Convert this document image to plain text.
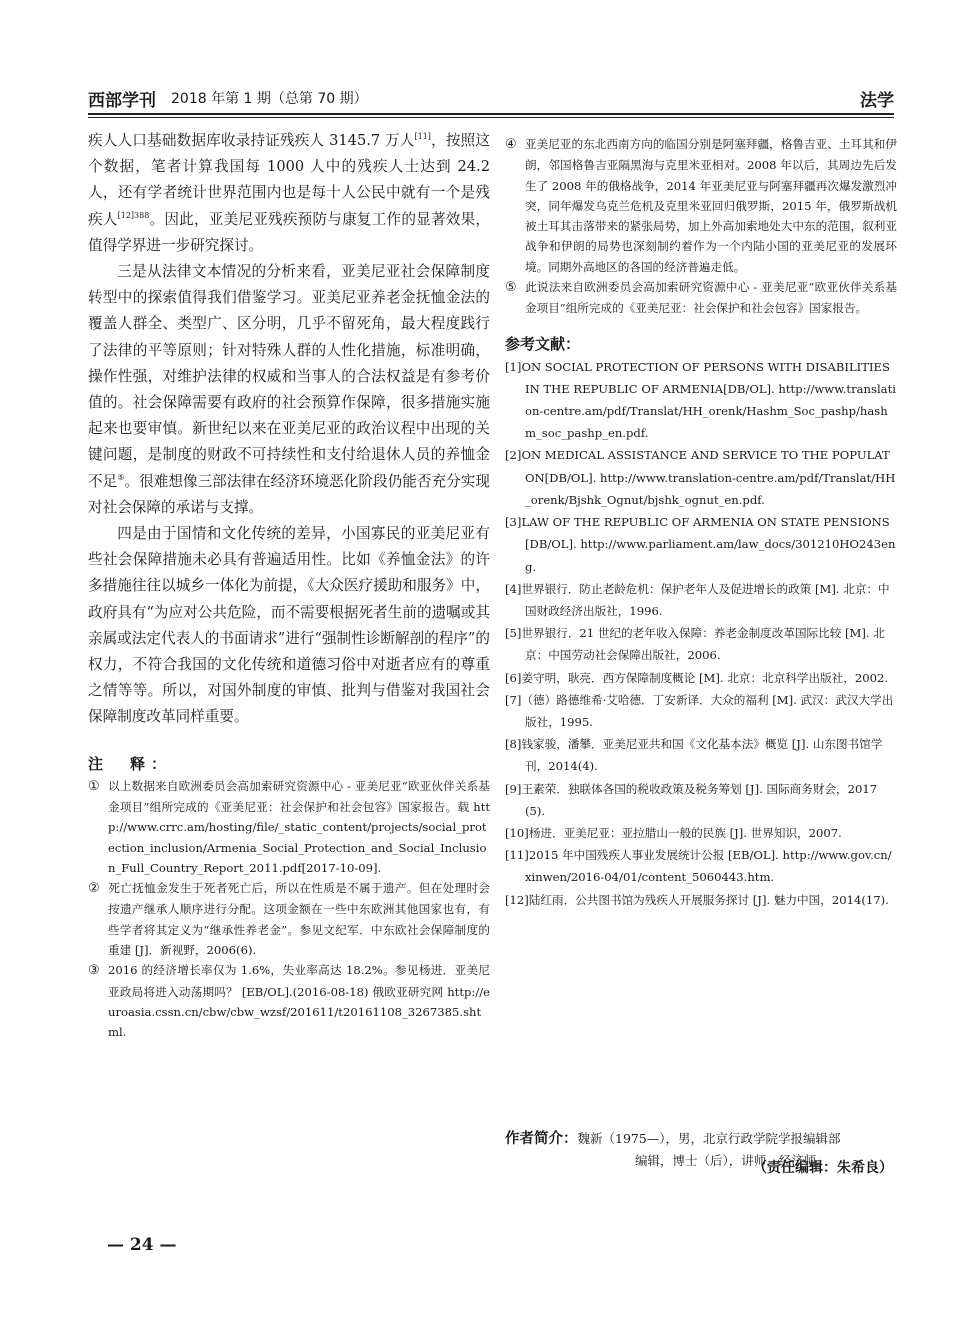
西部学刊 2018 年第 1 期（总第 70 期）	法学

疾人人口基础数据库收录持证残疾人 3145.7 万人[11]，按照这个数据，笔者计算我国每 1000 人中的残疾人士达到 24.2 人，还有学者统计世界范围内也是每十人公民中就有一个是残疾人$^{[12]388}$。因此，亚美尼亚残疾预防与康复工作的显著效果，值得学界进一步研究探讨。

三是从法律文本情况的分析来看，亚美尼亚社会保障制度转型中的探索值得我们借鉴学习。亚美尼亚养老金抚恤金法的覆盖人群全、类型广、区分明，几乎不留死角，最大程度践行了法律的平等原则；针对特殊人群的人性化措施，标准明确，操作性强，对维护法律的权威和当事人的合法权益是有参考价值的。社会保障需要有政府的社会预算作保障，很多措施实施起来也要审慎。新世纪以来在亚美尼亚的政治议程中出现的关键问题，是制度的财政不可持续性和支付给退休人员的养恤金不足⑤。很难想像三部法律在经济环境恶化阶段仍能否充分实现对社会保障的承诺与支撑。

四是由于国情和文化传统的差异，小国寡民的亚美尼亚有些社会保障措施未必具有普遍适用性。比如《养恤金法》的许多措施往往以城乡一体化为前提，《大众医疗援助和服务》中，政府具有“为应对公共危险，而不需要根据死者生前的遗嘱或其亲属或法定代表人的书面请求”进行“强制性诊断解剖的程序”的权力，不符合我国的文化传统和道德习俗中对逝者应有的尊重之情等等。所以，对国外制度的审慎、批判与借鉴对我国社会保障制度改革同样重要。

注　释：

① 以上数据来自欧洲委员会高加索研究资源中心 - 亚美尼亚“欧亚伙伴关系基金项目”组所完成的《亚美尼亚：社会保护和社会包容》国家报告。载 http://www.crrc.am/hosting/file/_static_content/projects/social_protection_inclusion/Armenia_Social_Protection_and_Social_Inclusion_Full_Country_Report_2011.pdf[2017-10-09].

② 死亡抚恤金发生于死者死亡后，所以在性质是不属于遗产。但在处理时会按遗产继承人顺序进行分配。这项金额在一些中东欧洲其他国家也有，有些学者将其定义为“继承性养老金”。参见文纪军．中东欧社会保障制度的重建 [J]．新视野，2006(6).

③ 2016 的经济增长率仅为 1.6%，失业率高达 18.2%。参见杨进．亚美尼亚政局将进入动荡期吗？ [EB/OL].(2016-08-18) 俄欧亚研究网 http://euroasia.cssn.cn/cbw/cbw_wzsf/201611/t20161108_3267385.shtml.

④ 亚美尼亚的东北西南方向的临国分别是阿塞拜疆，格鲁吉亚、土耳其和伊朗，邻国格鲁吉亚隔黑海与克里米亚相对。2008 年以后，其周边先后发生了 2008 年的俄格战争，2014 年亚美尼亚与阿塞拜疆再次爆发激烈冲突，同年爆发乌克兰危机及克里米亚回归俄罗斯，2015 年，俄罗斯战机被土耳其击落带来的紧张局势，加上外高加索地处大中东的范围，叙利亚战争和伊朗的局势也深刻制约着作为一个内陆小国的亚美尼亚的发展环境。同期外高地区的各国的经济普遍走低。

⑤ 此说法来自欧洲委员会高加索研究资源中心 - 亚美尼亚“欧亚伙伴关系基金项目”组所完成的《亚美尼亚：社会保护和社会包容》国家报告。

参考文献：

[1]ON SOCIAL PROTECTION OF PERSONS WITH DISABILITIES IN THE REPUBLIC OF ARMENIA[DB/OL]. http://www.translation-centre.am/pdf/Translat/HH_orenk/Hashm_Soc_pashp/hashm_soc_pashp_en.pdf.

[2]ON MEDICAL ASSISTANCE AND SERVICE TO THE POPULATON[DB/OL]. http://www.translation-centre.am/pdf/Translat/HH_orenk/Bjshk_Ognut/bjshk_ognut_en.pdf.

[3]LAW OF THE REPUBLIC OF ARMENIA ON STATE PENSIONS[DB/OL]. http://www.parliament.am/law_docs/301210HO243eng.

[4]世界银行．防止老龄危机：保护老年人及促进增长的政策 [M]. 北京：中国财政经济出版社，1996.

[5]世界银行．21 世纪的老年收入保障：养老金制度改革国际比较 [M]. 北京：中国劳动社会保障出版社，2006.

[6]姜守明，耿亮．西方保障制度概论 [M]. 北京：北京科学出版社，2002.

[7]（德）路德维希·艾哈德．丁安新译．大众的福利 [M]. 武汉：武汉大学出版社，1995.

[8]钱家骏，潘攀．亚美尼亚共和国《文化基本法》概览 [J]. 山东图书馆学刊，2014(4).

[9]王素荣．独联体各国的税收政策及税务筹划 [J]. 国际商务财会，2017(5).

[10]杨进．亚美尼亚：亚拉腊山一般的民族 [J]. 世界知识，2007.

[11]2015 年中国残疾人事业发展统计公报 [EB/OL]. http://www.gov.cn/xinwen/2016-04/01/content_5060443.htm.

[12]陆红雨．公共图书馆为残疾人开展服务探讨 [J]. 魅力中国，2014(17).

作者简介：魏新（1975—），男，北京行政学院学报编辑部
编辑，博士（后），讲师，经济师。
（责任编辑：朱希良）
— 24 —
